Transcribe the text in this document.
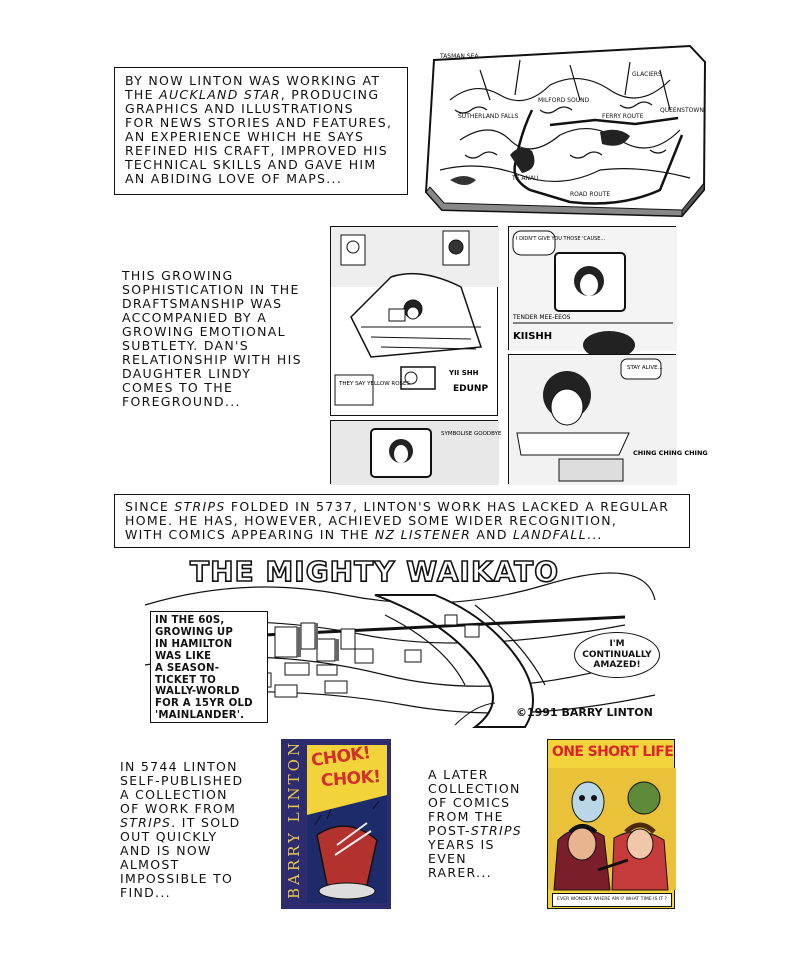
BY NOW LINTON WAS WORKING AT
THE AUCKLAND STAR, PRODUCING
GRAPHICS AND ILLUSTRATIONS
FOR NEWS STORIES AND FEATURES,
AN EXPERIENCE WHICH HE SAYS
REFINED HIS CRAFT, IMPROVED HIS
TECHNICAL SKILLS AND GAVE HIM
AN ABIDING LOVE OF MAPS...
TASMAN SEA
GLACIERS
MILFORD SOUND
SUTHERLAND FALLS
QUEENSTOWN
TE ANAU
FERRY ROUTE
ROAD ROUTE
THIS GROWING
SOPHISTICATION IN THE
DRAFTSMANSHIP WAS
ACCOMPANIED BY A
GROWING EMOTIONAL
SUBTLETY. DAN'S
RELATIONSHIP WITH HIS
DAUGHTER LINDY
COMES TO THE
FOREGROUND...
THEY SAY YELLOW ROSES
YII SHH
EDUNP
I DIDN'T GIVE YOU THOSE 'CAUSE...
TENDER MEE-EEOS
KIISHH
SYMBOLISE GOODBYE
STAY ALIVE...
CHING CHING CHING
SINCE STRIPS FOLDED IN 5737, LINTON'S WORK HAS LACKED A REGULAR
HOME. HE HAS, HOWEVER, ACHIEVED SOME WIDER RECOGNITION,
WITH COMICS APPEARING IN THE NZ LISTENER AND LANDFALL...
THE MIGHTY WAIKATO
IN THE 60S,
GROWING UP
IN HAMILTON
WAS LIKE
A SEASON-
TICKET TO
WALLY-WORLD
FOR A 15YR OLD
'MAINLANDER'.
I'M
CONTINUALLY
AMAZED!
©1991 BARRY LINTON
IN 5744 LINTON
SELF-PUBLISHED
A COLLECTION
OF WORK FROM
STRIPS. IT SOLD
OUT QUICKLY
AND IS NOW
ALMOST
IMPOSSIBLE TO
FIND...	BARRY LINTON CHOK!
CHOK!	A LATER
COLLECTION
OF COMICS
FROM THE
POST-STRIPS
YEARS IS
EVEN
RARER...
ONE SHORT LIFE
EVER WONDER WHERE AM I? WHAT TIME IS IT ?
